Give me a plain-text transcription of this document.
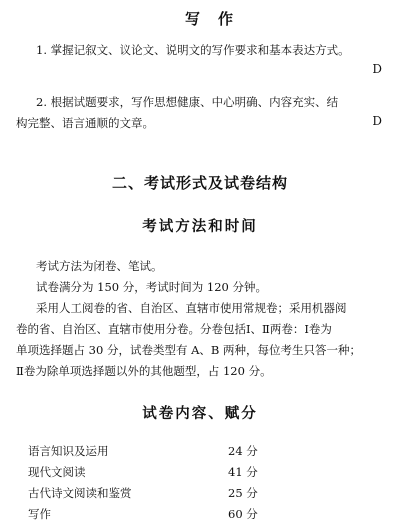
写作

1. 掌握记叙文、议论文、说明文的写作要求和基本表达方式。

D

2. 根据试题要求，写作思想健康、中心明确、内容充实、结

构完整、语言通顺的文章。	D
二、考试形式及试卷结构
考试方法和时间

考试方法为闭卷、笔试。

试卷满分为 150 分，考试时间为 120 分钟。

采用人工阅卷的省、自治区、直辖市使用常规卷；采用机器阅

卷的省、自治区、直辖市使用分卷。分卷包括Ⅰ、Ⅱ两卷：Ⅰ卷为

单项选择题占 30 分，试卷类型有 A、B 两种，每位考生只答一种；

Ⅱ卷为除单项选择题以外的其他题型，占 120 分。

试卷内容、赋分
语言知识及运用	24 分
现代文阅读	41 分
古代诗文阅读和鉴赏	25 分
写作	60 分
